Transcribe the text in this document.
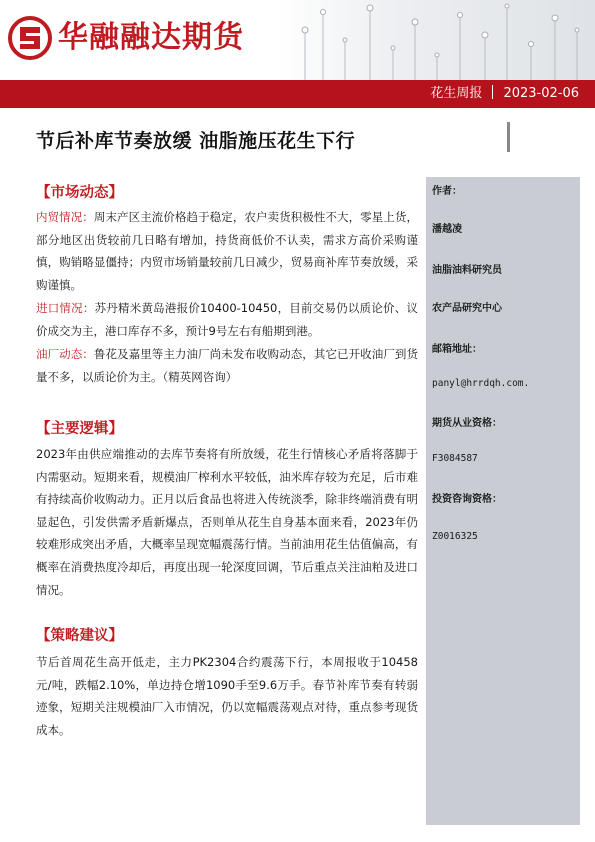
华融融达期货
花生周报 2023-02-06
节后补库节奏放缓 油脂施压花生下行
【市场动态】
内贸情况：周末产区主流价格趋于稳定，农户卖货积极性不大，零星上货，部分地区出货较前几日略有增加，持货商低价不认卖，需求方高价采购谨慎，购销略显僵持；内贸市场销量较前几日减少，贸易商补库节奏放缓，采购谨慎。
进口情况：苏丹精米黄岛港报价10400-10450，目前交易仍以质论价、议价成交为主，港口库存不多，预计9号左右有船期到港。
油厂动态：鲁花及嘉里等主力油厂尚未发布收购动态，其它已开收油厂到货量不多，以质论价为主。（精英网咨询）
【主要逻辑】
2023年由供应端推动的去库节奏将有所放缓，花生行情核心矛盾将落脚于内需驱动。短期来看，规模油厂榨利水平较低，油米库存较为充足，后市难有持续高价收购动力。正月以后食品也将进入传统淡季，除非终端消费有明显起色，引发供需矛盾新爆点，否则单从花生自身基本面来看，2023年仍较难形成突出矛盾，大概率呈现宽幅震荡行情。当前油用花生估值偏高，有概率在消费热度冷却后，再度出现一轮深度回调，节后重点关注油粕及进口情况。
【策略建议】
节后首周花生高开低走，主力PK2304合约震荡下行，本周报收于10458元/吨，跌幅2.10%，单边持仓增1090手至9.6万手。春节补库节奏有转弱迹象，短期关注规模油厂入市情况，仍以宽幅震荡观点对待，重点参考现货成本。
作者：
潘越凌
油脂油料研究员
农产品研究中心
邮箱地址：
panyl@hrrdqh.com.
期货从业资格：
F3084587
投资咨询资格：
Z0016325
